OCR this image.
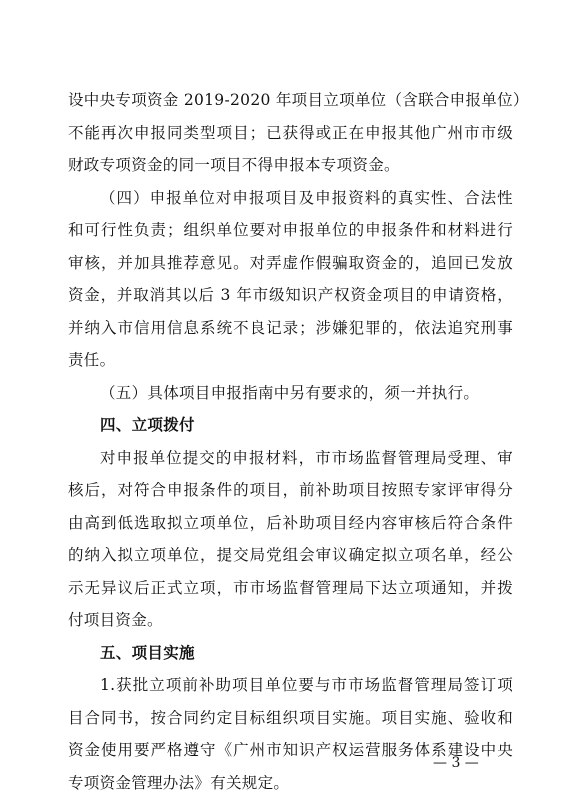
设中央专项资金 2019-2020 年项目立项单位（含联合申报单位）
不能再次申报同类型项目；已获得或正在申报其他广州市市级
财政专项资金的同一项目不得申报本专项资金。
（四）申报单位对申报项目及申报资料的真实性、合法性
和可行性负责；组织单位要对申报单位的申报条件和材料进行
审核，并加具推荐意见。对弄虚作假骗取资金的，追回已发放
资金，并取消其以后 3 年市级知识产权资金项目的申请资格，
并纳入市信用信息系统不良记录；涉嫌犯罪的，依法追究刑事
责任。
（五）具体项目申报指南中另有要求的，须一并执行。
四、立项拨付
对申报单位提交的申报材料，市市场监督管理局受理、审
核后，对符合申报条件的项目，前补助项目按照专家评审得分
由高到低选取拟立项单位，后补助项目经内容审核后符合条件
的纳入拟立项单位，提交局党组会审议确定拟立项名单，经公
示无异议后正式立项，市市场监督管理局下达立项通知，并拨
付项目资金。
五、项目实施
1.获批立项前补助项目单位要与市市场监督管理局签订项
目合同书，按合同约定目标组织项目实施。项目实施、验收和
资金使用要严格遵守《广州市知识产权运营服务体系建设中央
专项资金管理办法》有关规定。
— 3 —
